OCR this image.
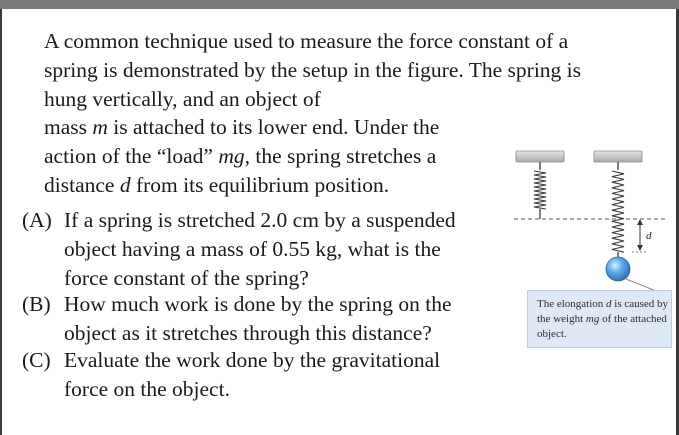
A common technique used to measure the force constant of a
spring is demonstrated by the setup in the figure. The spring is
hung vertically, and an object of
mass m is attached to its lower end. Under the
action of the “load” mg, the spring stretches a
distance d from its equilibrium position.
(A) If a spring is stretched 2.0 cm by a suspended
object having a mass of 0.55 kg, what is the
force constant of the spring?
(B) How much work is done by the spring on the
object as it stretches through this distance?
(C) Evaluate the work done by the gravitational
force on the object.
d
The elongation d is caused by the weight mg of the attached object.
